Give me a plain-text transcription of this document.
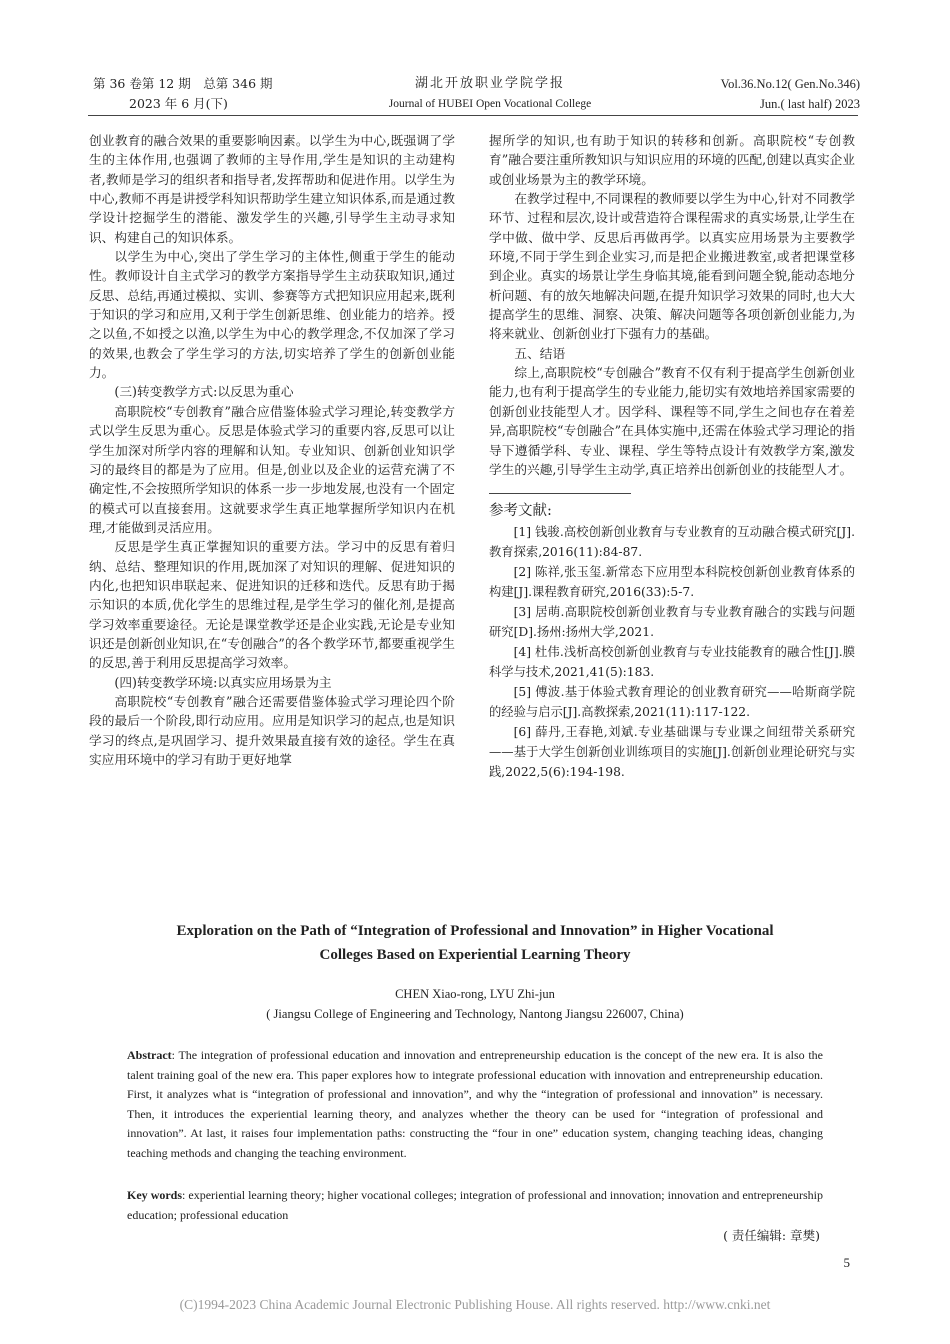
第 36 卷第 12 期　总第 346 期
2023 年 6 月(下)
湖北开放职业学院学报
Journal of HUBEI Open Vocational College
Vol.36.No.12( Gen.No.346)
Jun.( last half) 2023

创业教育的融合效果的重要影响因素。以学生为中心,既强调了学生的主体作用,也强调了教师的主导作用,学生是知识的主动建构者,教师是学习的组织者和指导者,发挥帮助和促进作用。以学生为中心,教师不再是讲授学科知识帮助学生建立知识体系,而是通过教学设计挖掘学生的潜能、激发学生的兴趣,引导学生主动寻求知识、构建自己的知识体系。

以学生为中心,突出了学生学习的主体性,侧重于学生的能动性。教师设计自主式学习的教学方案指导学生主动获取知识,通过反思、总结,再通过模拟、实训、参赛等方式把知识应用起来,既利于知识的学习和应用,又利于学生创新思维、创业能力的培养。授之以鱼,不如授之以渔,以学生为中心的教学理念,不仅加深了学习的效果,也教会了学生学习的方法,切实培养了学生的创新创业能力。

(三)转变教学方式:以反思为重心

高职院校“专创教育”融合应借鉴体验式学习理论,转变教学方式以学生反思为重心。反思是体验式学习的重要内容,反思可以让学生加深对所学内容的理解和认知。专业知识、创新创业知识学习的最终目的都是为了应用。但是,创业以及企业的运营充满了不确定性,不会按照所学知识的体系一步一步地发展,也没有一个固定的模式可以直接套用。这就要求学生真正地掌握所学知识内在机理,才能做到灵活应用。

反思是学生真正掌握知识的重要方法。学习中的反思有着归纳、总结、整理知识的作用,既加深了对知识的理解、促进知识的内化,也把知识串联起来、促进知识的迁移和迭代。反思有助于揭示知识的本质,优化学生的思维过程,是学生学习的催化剂,是提高学习效率重要途径。无论是课堂教学还是企业实践,无论是专业知识还是创新创业知识,在“专创融合”的各个教学环节,都要重视学生的反思,善于利用反思提高学习效率。

(四)转变教学环境:以真实应用场景为主

高职院校“专创教育”融合还需要借鉴体验式学习理论四个阶段的最后一个阶段,即行动应用。应用是知识学习的起点,也是知识学习的终点,是巩固学习、提升效果最直接有效的途径。学生在真实应用环境中的学习有助于更好地掌

握所学的知识,也有助于知识的转移和创新。高职院校“专创教育”融合要注重所教知识与知识应用的环境的匹配,创建以真实企业或创业场景为主的教学环境。

在教学过程中,不同课程的教师要以学生为中心,针对不同教学环节、过程和层次,设计或营造符合课程需求的真实场景,让学生在学中做、做中学、反思后再做再学。以真实应用场景为主要教学环境,不同于学生到企业实习,而是把企业搬进教室,或者把课堂移到企业。真实的场景让学生身临其境,能看到问题全貌,能动态地分析问题、有的放矢地解决问题,在提升知识学习效果的同时,也大大提高学生的思维、洞察、决策、解决问题等各项创新创业能力,为将来就业、创新创业打下强有力的基础。

五、结语

综上,高职院校“专创融合”教育不仅有利于提高学生创新创业能力,也有利于提高学生的专业能力,能切实有效地培养国家需要的创新创业技能型人才。因学科、课程等不同,学生之间也存在着差异,高职院校“专创融合”在具体实施中,还需在体验式学习理论的指导下遵循学科、专业、课程、学生等特点设计有效教学方案,激发学生的兴趣,引导学生主动学,真正培养出创新创业的技能型人才。

参考文献:

[1] 钱骏.高校创新创业教育与专业教育的互动融合模式研究[J].教育探索,2016(11):84-87.

[2] 陈祥,张玉玺.新常态下应用型本科院校创新创业教育体系的构建[J].课程教育研究,2016(33):5-7.

[3] 居萌.高职院校创新创业教育与专业教育融合的实践与问题研究[D].扬州:扬州大学,2021.

[4] 杜伟.浅析高校创新创业教育与专业技能教育的融合性[J].膜科学与技术,2021,41(5):183.

[5] 傅波.基于体验式教育理论的创业教育研究——哈斯商学院的经验与启示[J].高教探索,2021(11):117-122.

[6] 薛丹,王春艳,刘斌.专业基础课与专业课之间纽带关系研究——基于大学生创新创业训练项目的实施[J].创新创业理论研究与实践,2022,5(6):194-198.

Exploration on the Path of “Integration of Professional and Innovation” in Higher Vocational
Colleges Based on Experiential Learning Theory
CHEN Xiao-rong, LYU Zhi-jun
( Jiangsu College of Engineering and Technology, Nantong Jiangsu 226007, China)
Abstract: The integration of professional education and innovation and entrepreneurship education is the concept of the new era. It is also the talent training goal of the new era. This paper explores how to integrate professional education with innovation and entrepreneurship education. First, it analyzes what is “integration of professional and innovation”, and why the “integration of professional and innovation” is necessary. Then, it introduces the experiential learning theory, and analyzes whether the theory can be used for “integration of professional and innovation”. At last, it raises four implementation paths: constructing the “four in one” education system, changing teaching ideas, changing teaching methods and changing the teaching environment.
Key words: experiential learning theory; higher vocational colleges; integration of professional and innovation; innovation and entrepreneurship education; professional education
( 责任编辑: 章樊)
5
(C)1994-2023 China Academic Journal Electronic Publishing House. All rights reserved. http://www.cnki.net
